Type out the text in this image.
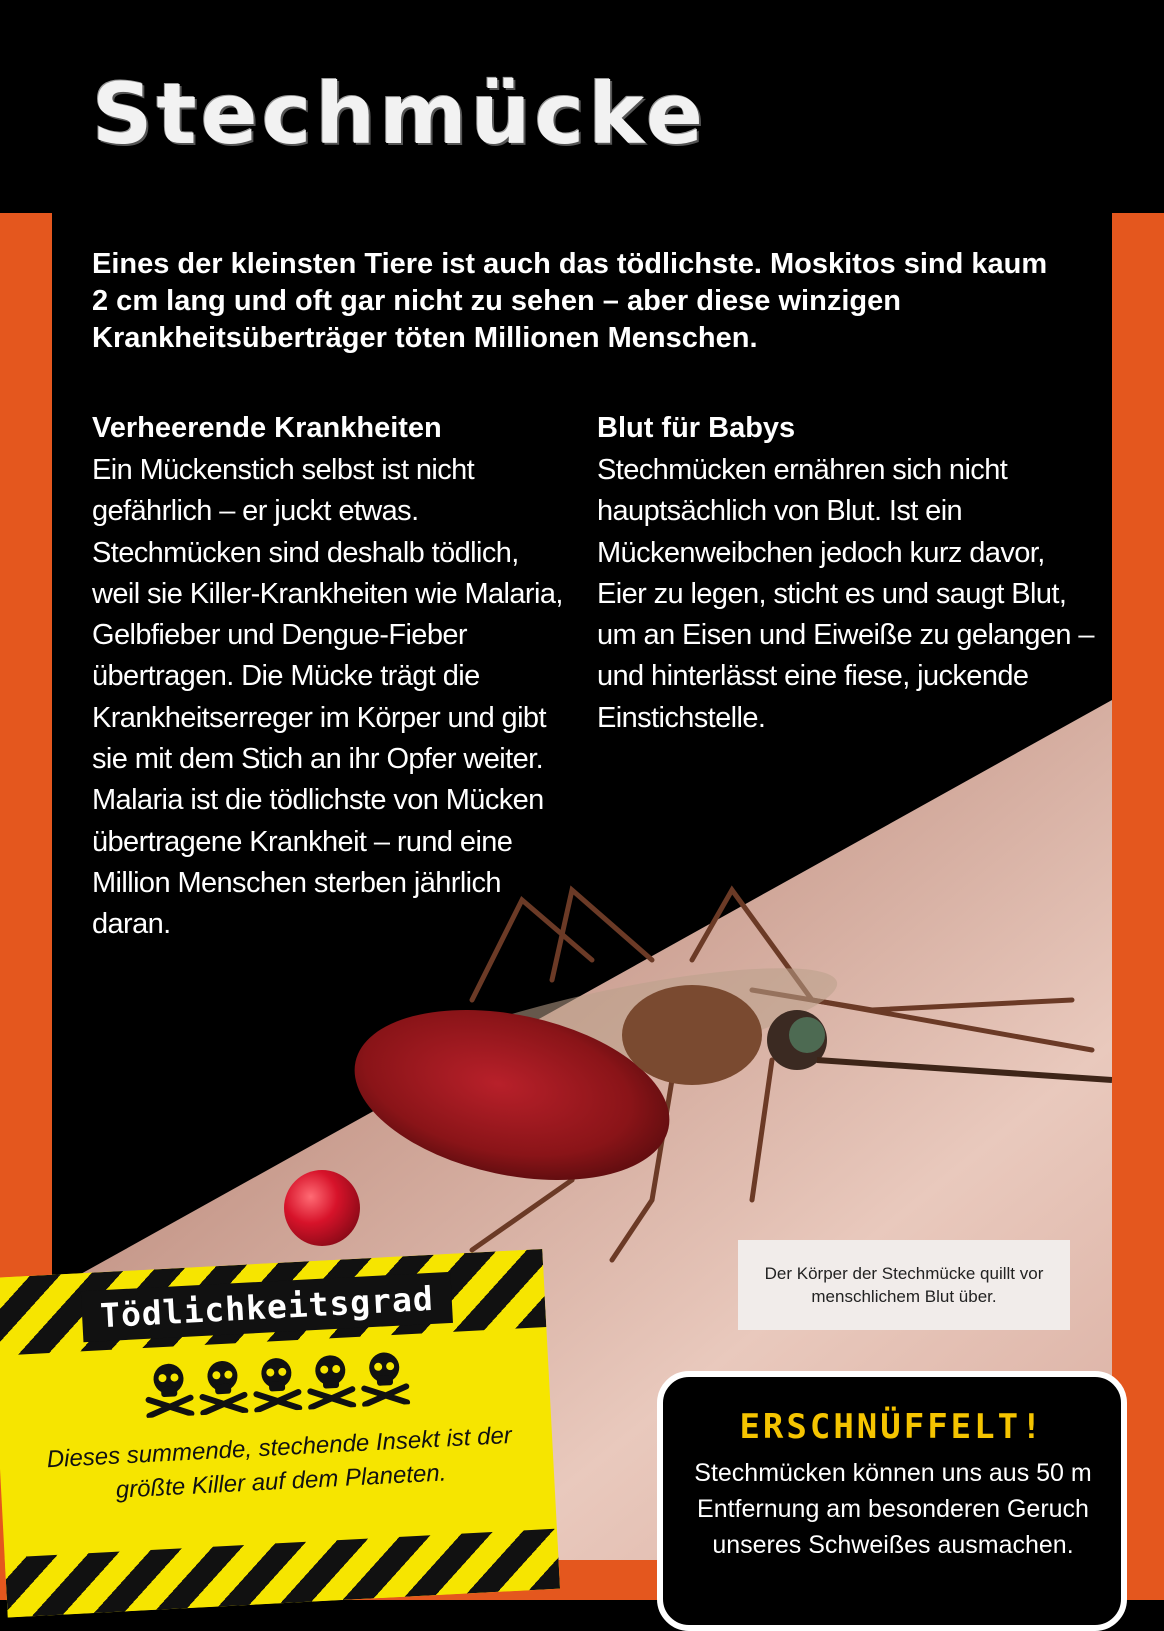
Stechmücke

Eines der kleinsten Tiere ist auch das tödlichste. Moskitos sind kaum 2 cm lang und oft gar nicht zu sehen – aber diese winzigen Krankheitsüberträger töten Millionen Menschen.

Verheerende Krankheiten

Ein Mückenstich selbst ist nicht gefährlich – er juckt etwas. Stechmücken sind deshalb tödlich, weil sie Killer-Krankheiten wie Malaria, Gelbfieber und Dengue-Fieber übertragen. Die Mücke trägt die Krankheitserreger im Körper und gibt sie mit dem Stich an ihr Opfer weiter. Malaria ist die tödlichste von Mücken übertragene Krankheit – rund eine Million Menschen sterben jährlich daran.

Blut für Babys

Stechmücken ernähren sich nicht hauptsächlich von Blut. Ist ein Mückenweibchen jedoch kurz davor, Eier zu legen, sticht es und saugt Blut, um an Eisen und Eiweiße zu gelangen – und hinterlässt eine fiese, juckende Einstichstelle.

Der Körper der Stechmücke quillt vor menschlichem Blut über.
Tödlichkeitsgrad

Dieses summende, stechende Insekt ist der größte Killer auf dem Planeten.

ERSCHNÜFFELT!

Stechmücken können uns aus 50 m Entfernung am besonderen Geruch unseres Schweißes ausmachen.
